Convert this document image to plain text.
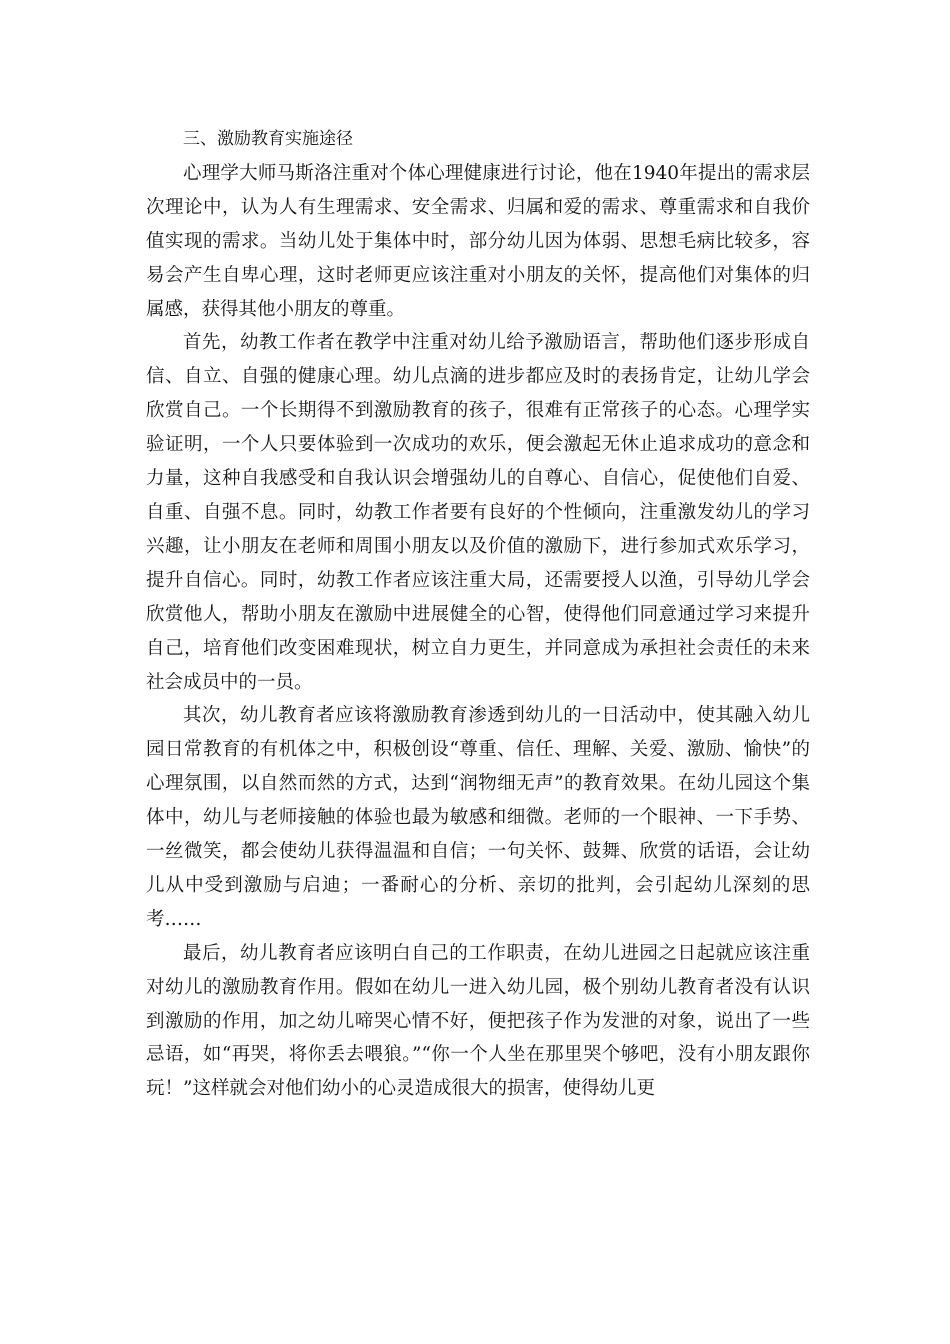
三、激励教育实施途径

心理学大师马斯洛注重对个体心理健康进行讨论，他在1940年提出的需求层次理论中，认为人有生理需求、安全需求、归属和爱的需求、尊重需求和自我价值实现的需求。当幼儿处于集体中时，部分幼儿因为体弱、思想毛病比较多，容易会产生自卑心理，这时老师更应该注重对小朋友的关怀，提高他们对集体的归属感，获得其他小朋友的尊重。

首先，幼教工作者在教学中注重对幼儿给予激励语言，帮助他们逐步形成自信、自立、自强的健康心理。幼儿点滴的进步都应及时的表扬肯定，让幼儿学会欣赏自己。一个长期得不到激励教育的孩子，很难有正常孩子的心态。心理学实验证明，一个人只要体验到一次成功的欢乐，便会激起无休止追求成功的意念和力量，这种自我感受和自我认识会增强幼儿的自尊心、自信心，促使他们自爱、自重、自强不息。同时，幼教工作者要有良好的个性倾向，注重激发幼儿的学习兴趣，让小朋友在老师和周围小朋友以及价值的激励下，进行参加式欢乐学习，提升自信心。同时，幼教工作者应该注重大局，还需要授人以渔，引导幼儿学会欣赏他人，帮助小朋友在激励中进展健全的心智，使得他们同意通过学习来提升自己，培育他们改变困难现状，树立自力更生，并同意成为承担社会责任的未来社会成员中的一员。

其次，幼儿教育者应该将激励教育渗透到幼儿的一日活动中，使其融入幼儿园日常教育的有机体之中，积极创设“尊重、信任、理解、关爱、激励、愉快”的心理氛围，以自然而然的方式，达到“润物细无声”的教育效果。在幼儿园这个集体中，幼儿与老师接触的体验也最为敏感和细微。老师的一个眼神、一下手势、一丝微笑，都会使幼儿获得温温和自信；一句关怀、鼓舞、欣赏的话语，会让幼儿从中受到激励与启迪；一番耐心的分析、亲切的批判，会引起幼儿深刻的思考……

最后，幼儿教育者应该明白自己的工作职责，在幼儿进园之日起就应该注重对幼儿的激励教育作用。假如在幼儿一进入幼儿园，极个别幼儿教育者没有认识到激励的作用，加之幼儿啼哭心情不好，便把孩子作为发泄的对象，说出了一些忌语，如“再哭，将你丢去喂狼。”“你一个人坐在那里哭个够吧，没有小朋友跟你玩！”这样就会对他们幼小的心灵造成很大的损害，使得幼儿更
